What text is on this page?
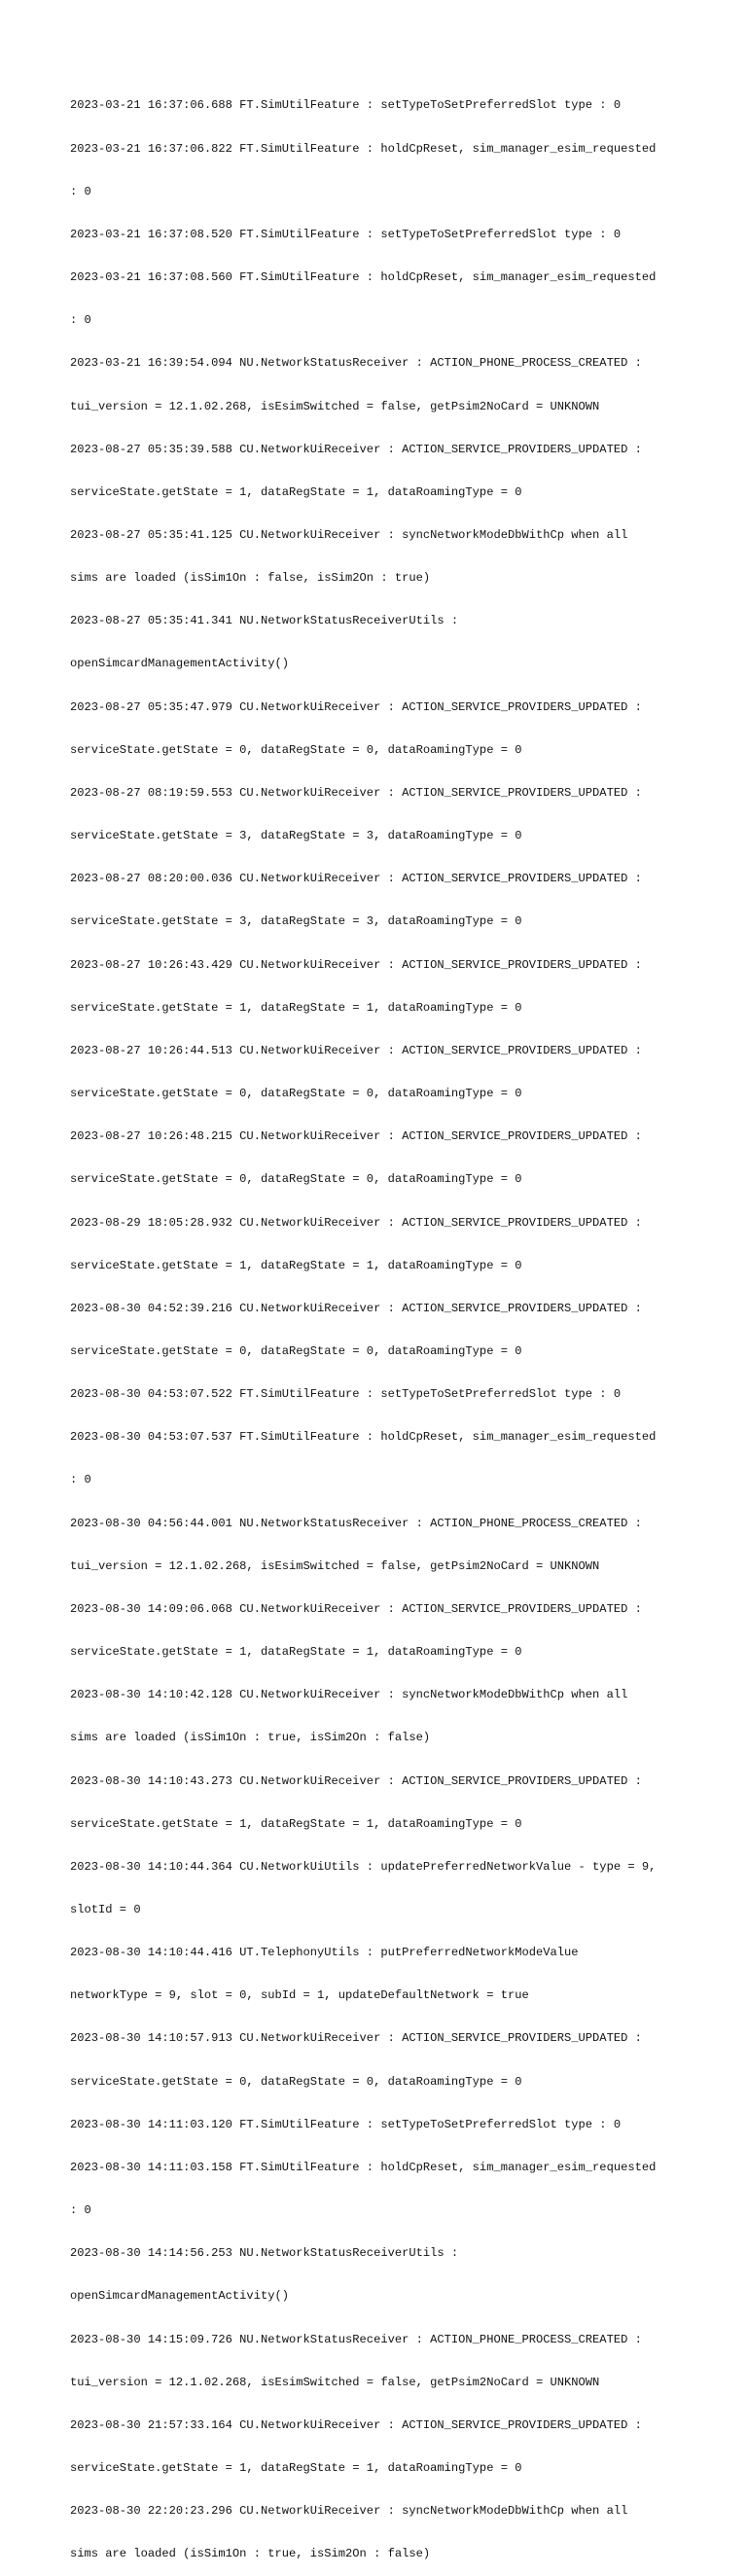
2023-03-21 16:37:06.688 FT.SimUtilFeature : setTypeToSetPreferredSlot type : 0

2023-03-21 16:37:06.822 FT.SimUtilFeature : holdCpReset, sim_manager_esim_requested

: 0

2023-03-21 16:37:08.520 FT.SimUtilFeature : setTypeToSetPreferredSlot type : 0

2023-03-21 16:37:08.560 FT.SimUtilFeature : holdCpReset, sim_manager_esim_requested

: 0

2023-03-21 16:39:54.094 NU.NetworkStatusReceiver : ACTION_PHONE_PROCESS_CREATED :

tui_version = 12.1.02.268, isEsimSwitched = false, getPsim2NoCard = UNKNOWN

2023-08-27 05:35:39.588 CU.NetworkUiReceiver : ACTION_SERVICE_PROVIDERS_UPDATED :

serviceState.getState = 1, dataRegState = 1, dataRoamingType = 0

2023-08-27 05:35:41.125 CU.NetworkUiReceiver : syncNetworkModeDbWithCp when all

sims are loaded (isSim1On : false, isSim2On : true)

2023-08-27 05:35:41.341 NU.NetworkStatusReceiverUtils :

openSimcardManagementActivity()

2023-08-27 05:35:47.979 CU.NetworkUiReceiver : ACTION_SERVICE_PROVIDERS_UPDATED :

serviceState.getState = 0, dataRegState = 0, dataRoamingType = 0

2023-08-27 08:19:59.553 CU.NetworkUiReceiver : ACTION_SERVICE_PROVIDERS_UPDATED :

serviceState.getState = 3, dataRegState = 3, dataRoamingType = 0

2023-08-27 08:20:00.036 CU.NetworkUiReceiver : ACTION_SERVICE_PROVIDERS_UPDATED :

serviceState.getState = 3, dataRegState = 3, dataRoamingType = 0

2023-08-27 10:26:43.429 CU.NetworkUiReceiver : ACTION_SERVICE_PROVIDERS_UPDATED :

serviceState.getState = 1, dataRegState = 1, dataRoamingType = 0

2023-08-27 10:26:44.513 CU.NetworkUiReceiver : ACTION_SERVICE_PROVIDERS_UPDATED :

serviceState.getState = 0, dataRegState = 0, dataRoamingType = 0

2023-08-27 10:26:48.215 CU.NetworkUiReceiver : ACTION_SERVICE_PROVIDERS_UPDATED :

serviceState.getState = 0, dataRegState = 0, dataRoamingType = 0

2023-08-29 18:05:28.932 CU.NetworkUiReceiver : ACTION_SERVICE_PROVIDERS_UPDATED :

serviceState.getState = 1, dataRegState = 1, dataRoamingType = 0

2023-08-30 04:52:39.216 CU.NetworkUiReceiver : ACTION_SERVICE_PROVIDERS_UPDATED :

serviceState.getState = 0, dataRegState = 0, dataRoamingType = 0

2023-08-30 04:53:07.522 FT.SimUtilFeature : setTypeToSetPreferredSlot type : 0

2023-08-30 04:53:07.537 FT.SimUtilFeature : holdCpReset, sim_manager_esim_requested

: 0

2023-08-30 04:56:44.001 NU.NetworkStatusReceiver : ACTION_PHONE_PROCESS_CREATED :

tui_version = 12.1.02.268, isEsimSwitched = false, getPsim2NoCard = UNKNOWN

2023-08-30 14:09:06.068 CU.NetworkUiReceiver : ACTION_SERVICE_PROVIDERS_UPDATED :

serviceState.getState = 1, dataRegState = 1, dataRoamingType = 0

2023-08-30 14:10:42.128 CU.NetworkUiReceiver : syncNetworkModeDbWithCp when all

sims are loaded (isSim1On : true, isSim2On : false)

2023-08-30 14:10:43.273 CU.NetworkUiReceiver : ACTION_SERVICE_PROVIDERS_UPDATED :

serviceState.getState = 1, dataRegState = 1, dataRoamingType = 0

2023-08-30 14:10:44.364 CU.NetworkUiUtils : updatePreferredNetworkValue - type = 9,

slotId = 0

2023-08-30 14:10:44.416 UT.TelephonyUtils : putPreferredNetworkModeValue

networkType = 9, slot = 0, subId = 1, updateDefaultNetwork = true

2023-08-30 14:10:57.913 CU.NetworkUiReceiver : ACTION_SERVICE_PROVIDERS_UPDATED :

serviceState.getState = 0, dataRegState = 0, dataRoamingType = 0

2023-08-30 14:11:03.120 FT.SimUtilFeature : setTypeToSetPreferredSlot type : 0

2023-08-30 14:11:03.158 FT.SimUtilFeature : holdCpReset, sim_manager_esim_requested

: 0

2023-08-30 14:14:56.253 NU.NetworkStatusReceiverUtils :

openSimcardManagementActivity()

2023-08-30 14:15:09.726 NU.NetworkStatusReceiver : ACTION_PHONE_PROCESS_CREATED :

tui_version = 12.1.02.268, isEsimSwitched = false, getPsim2NoCard = UNKNOWN

2023-08-30 21:57:33.164 CU.NetworkUiReceiver : ACTION_SERVICE_PROVIDERS_UPDATED :

serviceState.getState = 1, dataRegState = 1, dataRoamingType = 0

2023-08-30 22:20:23.296 CU.NetworkUiReceiver : syncNetworkModeDbWithCp when all

sims are loaded (isSim1On : true, isSim2On : false)
